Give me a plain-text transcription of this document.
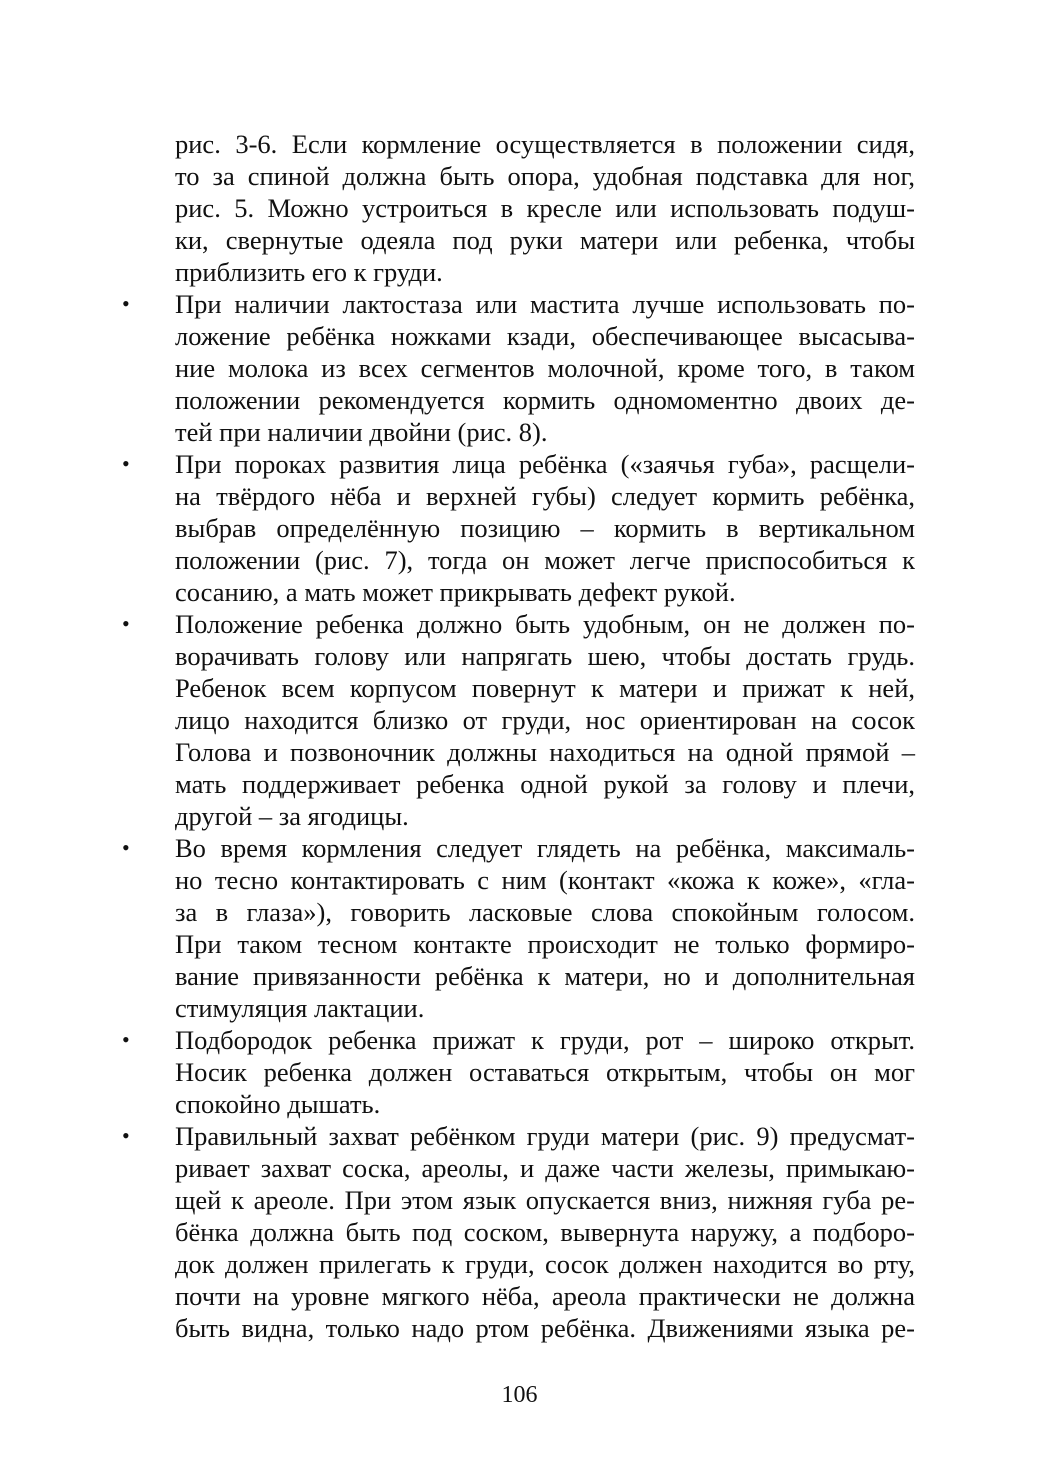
рис. 3-6. Если кормление осуществляется в положении сидя,
то за спиной должна быть опора, удобная подставка для ног,
рис. 5. Можно устроиться в кресле или использовать подуш-
ки, свернутые одеяла под руки матери или ребенка, чтобы
приблизить его к груди.
• При наличии лактостаза или мастита лучше использовать по-
ложение ребёнка ножками кзади, обеспечивающее высасыва-
ние молока из всех сегментов молочной, кроме того, в таком
положении рекомендуется кормить одномоментно двоих де-
тей при наличии двойни (рис. 8).
• При пороках развития лица ребёнка («заячья губа», расщели-
на твёрдого нёба и верхней губы) следует кормить ребёнка,
выбрав определённую позицию – кормить в вертикальном
положении (рис. 7), тогда он может легче приспособиться к
сосанию, а мать может прикрывать дефект рукой.
• Положение ребенка должно быть удобным, он не должен по-
ворачивать голову или напрягать шею, чтобы достать грудь.
Ребенок всем корпусом повернут к матери и прижат к ней,
лицо находится близко от груди, нос ориентирован на сосок
Голова и позвоночник должны находиться на одной прямой –
мать поддерживает ребенка одной рукой за голову и плечи,
другой – за ягодицы.
• Во время кормления следует глядеть на ребёнка, максималь-
но тесно контактировать с ним (контакт «кожа к коже», «гла-
за в глаза»), говорить ласковые слова спокойным голосом.
При таком тесном контакте происходит не только формиро-
вание привязанности ребёнка к матери, но и дополнительная
стимуляция лактации.
• Подбородок ребенка прижат к груди, рот – широко открыт.
Носик ребенка должен оставаться открытым, чтобы он мог
спокойно дышать.
• Правильный захват ребёнком груди матери (рис. 9) предусмат-
ривает захват соска, ареолы, и даже части железы, примыкаю-
щей к ареоле. При этом язык опускается вниз, нижняя губа ре-
бёнка должна быть под соском, вывернута наружу, а подборо-
док должен прилегать к груди, сосок должен находится во рту,
почти на уровне мягкого нёба, ареола практически не должна
быть видна, только надо ртом ребёнка. Движениями языка ре-
106
